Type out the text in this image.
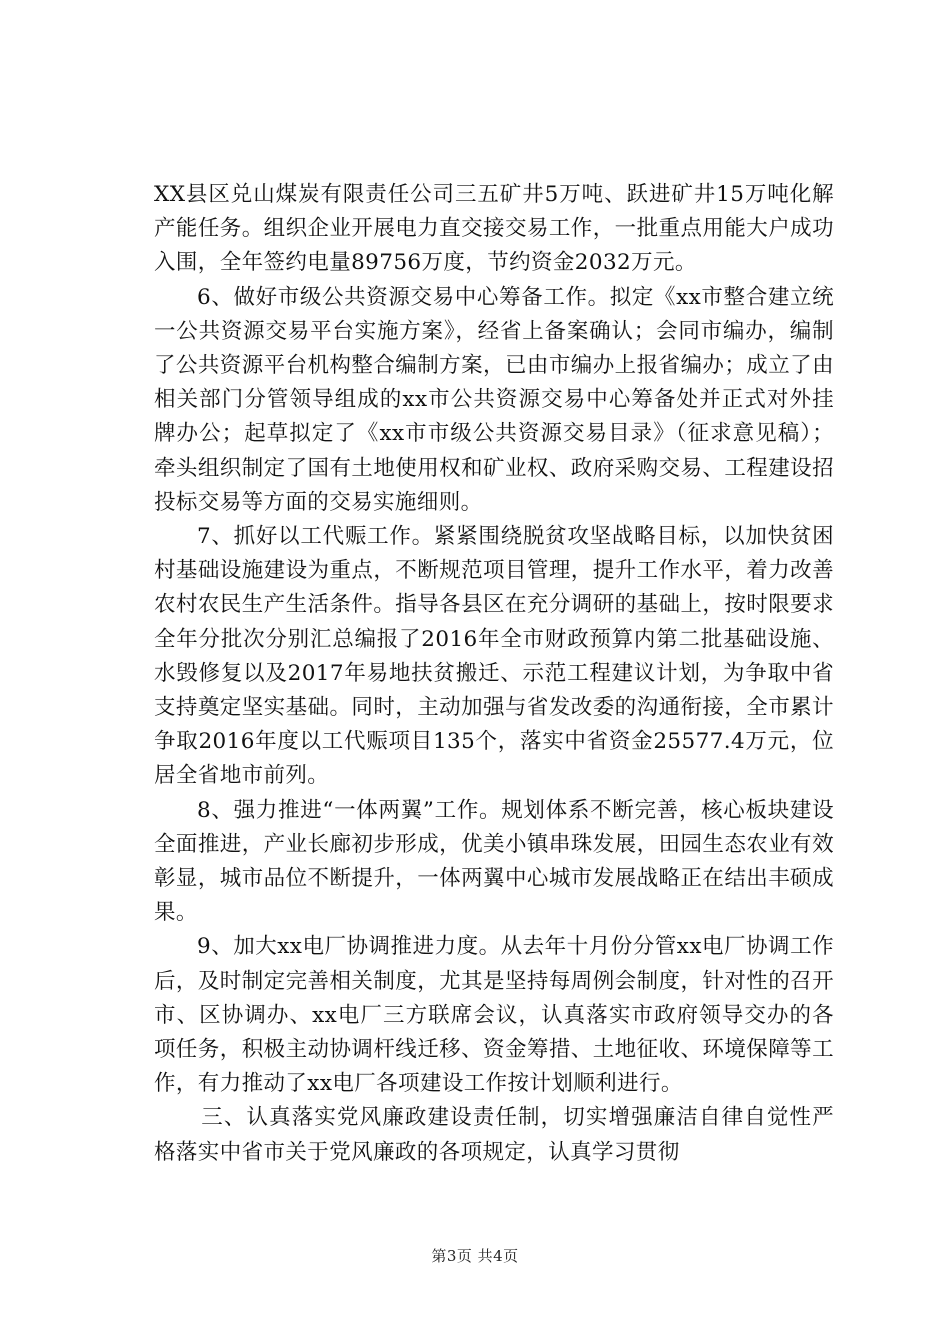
XX县区兑山煤炭有限责任公司三五矿井5万吨、跃进矿井15万吨化解产能任务。组织企业开展电力直交接交易工作，一批重点用能大户成功入围，全年签约电量89756万度，节约资金2032万元。

6、做好市级公共资源交易中心筹备工作。拟定《xx市整合建立统一公共资源交易平台实施方案》，经省上备案确认；会同市编办，编制了公共资源平台机构整合编制方案，已由市编办上报省编办；成立了由相关部门分管领导组成的xx市公共资源交易中心筹备处并正式对外挂牌办公；起草拟定了《xx市市级公共资源交易目录》（征求意见稿）；牵头组织制定了国有土地使用权和矿业权、政府采购交易、工程建设招投标交易等方面的交易实施细则。

7、抓好以工代赈工作。紧紧围绕脱贫攻坚战略目标，以加快贫困村基础设施建设为重点，不断规范项目管理，提升工作水平，着力改善农村农民生产生活条件。指导各县区在充分调研的基础上，按时限要求全年分批次分别汇总编报了2016年全市财政预算内第二批基础设施、水毁修复以及2017年易地扶贫搬迁、示范工程建议计划，为争取中省支持奠定坚实基础。同时，主动加强与省发改委的沟通衔接，全市累计争取2016年度以工代赈项目135个，落实中省资金25577.4万元，位居全省地市前列。

8、强力推进“一体两翼”工作。规划体系不断完善，核心板块建设全面推进，产业长廊初步形成，优美小镇串珠发展，田园生态农业有效彰显，城市品位不断提升，一体两翼中心城市发展战略正在结出丰硕成果。

9、加大xx电厂协调推进力度。从去年十月份分管xx电厂协调工作后，及时制定完善相关制度，尤其是坚持每周例会制度，针对性的召开市、区协调办、xx电厂三方联席会议，认真落实市政府领导交办的各项任务，积极主动协调杆线迁移、资金筹措、土地征收、环境保障等工作，有力推动了xx电厂各项建设工作按计划顺利进行。

三、认真落实党风廉政建设责任制，切实增强廉洁自律自觉性严格落实中省市关于党风廉政的各项规定，认真学习贯彻

第3页 共4页
